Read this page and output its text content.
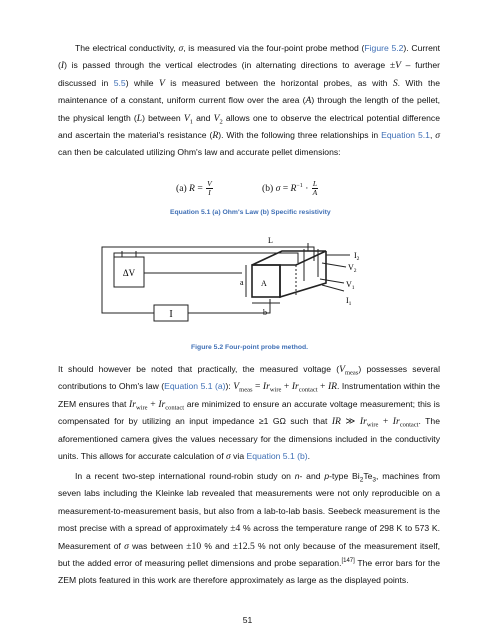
The electrical conductivity, σ, is measured via the four-point probe method (Figure 5.2). Current (I) is passed through the vertical electrodes (in alternating directions to average ±V – further discussed in 5.5) while V is measured between the horizontal probes, as with S. With the maintenance of a constant, uniform current flow over the area (A) through the length of the pellet, the physical length (L) between $V_1$ and $V_2$ allows one to observe the electrical potential difference and ascertain the material's resistance (R). With the following three relationships in Equation 5.1, σ can then be calculated utilizing Ohm's law and accurate pellet dimensions:

(a) $R = \frac{V}{I}$	(b) $\sigma = R^{-1} \cdot \frac{L}{A}$
Equation 5.1 (a) Ohm's Law (b) Specific resistivity
ΔV
I
a A
b
L
$I_2$
$V_2$
$V_1$
$I_1$
Figure 5.2 Four-point probe method.

It should however be noted that practically, the measured voltage $(V_{meas})$ possesses several contributions to Ohm's law (Equation 5.1 (a)): $V_{meas} = Ir_{wire} + Ir_{contact}$ + IR. Instrumentation within the ZEM ensures that $Ir_{wire} + Ir_{contact}$ are minimized to ensure an accurate voltage measurement; this is compensated for by utilizing an input impedance ≥1 GΩ such that IR ≫ $Ir_{wire} + Ir_{contact}$. The aforementioned camera gives the values necessary for the dimensions included in the conductivity units. This allows for accurate calculation of σ via Equation 5.1 (b).

In a recent two-step international round-robin study on n- and p-type $Bi_2Te_3$, machines from seven labs including the Kleinke lab revealed that measurements were not only reproducible on a measurement-to-measurement basis, but also from a lab-to-lab basis. Seebeck measurement is the most precise with a spread of approximately ±4 % across the temperature range of 298 K to 573 K. Measurement of σ was between ±10 % and ±12.5 % not only because of the measurement itself, but the added error of measuring pellet dimensions and probe separation.[147] The error bars for the ZEM plots featured in this work are therefore approximately as large as the displayed points.

51
